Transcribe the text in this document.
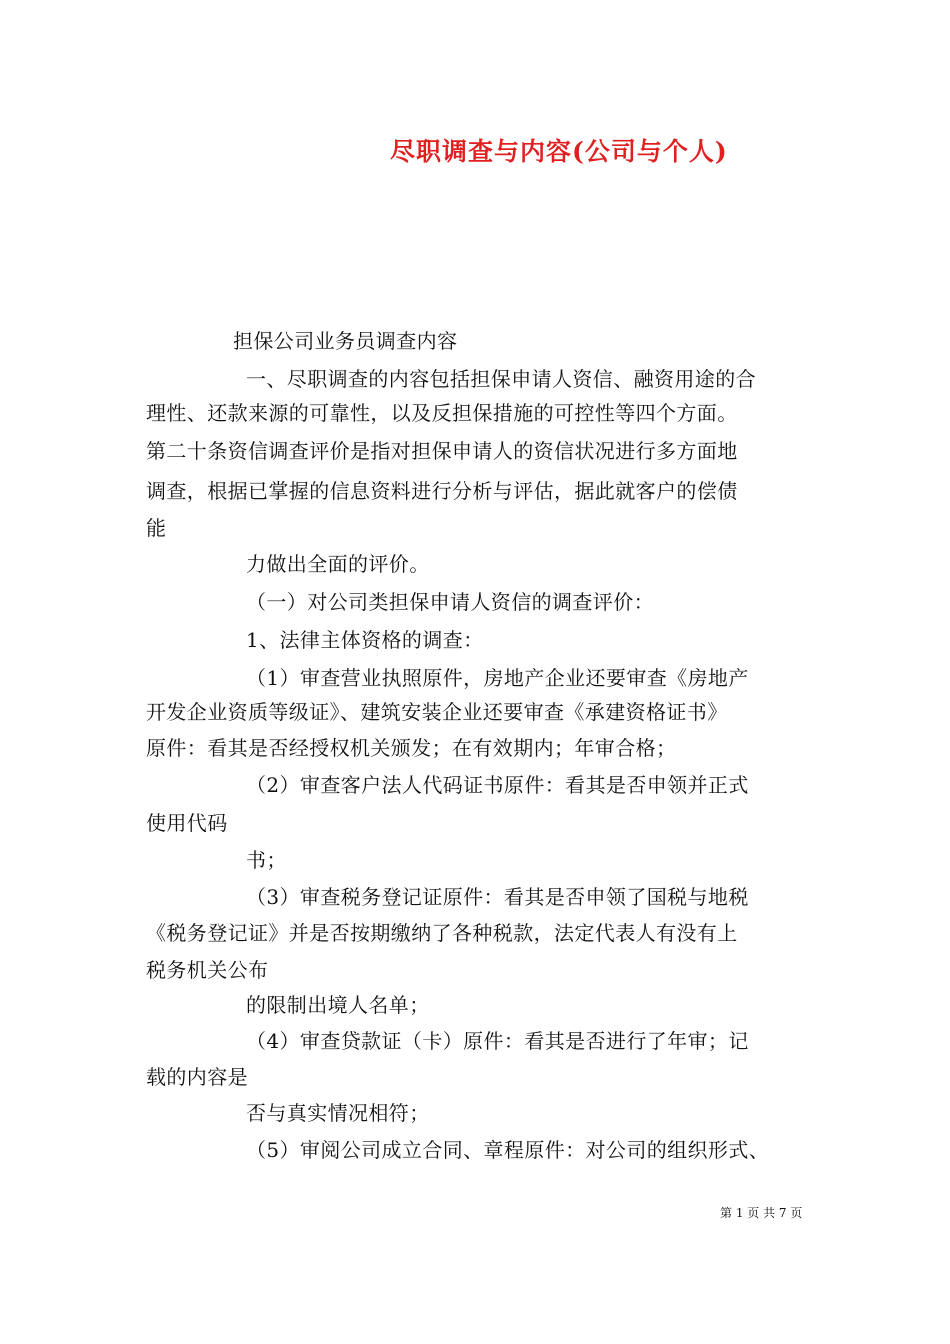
尽职调查与内容(公司与个人)
担保公司业务员调查内容
一、尽职调查的内容包括担保申请人资信、融资用途的合
理性、还款来源的可靠性，以及反担保措施的可控性等四个方面。
第二十条资信调查评价是指对担保申请人的资信状况进行多方面地
调查，根据已掌握的信息资料进行分析与评估，据此就客户的偿债
能
力做出全面的评价。
（一）对公司类担保申请人资信的调查评价：
1、法律主体资格的调查：
（1）审查营业执照原件，房地产企业还要审查《房地产
开发企业资质等级证》、建筑安装企业还要审查《承建资格证书》
原件：看其是否经授权机关颁发；在有效期内；年审合格；
（2）审查客户法人代码证书原件：看其是否申领并正式
使用代码
书；
（3）审查税务登记证原件：看其是否申领了国税与地税
《税务登记证》并是否按期缴纳了各种税款，法定代表人有没有上
税务机关公布
的限制出境人名单；
（4）审查贷款证（卡）原件：看其是否进行了年审；记
载的内容是
否与真实情况相符；
（5）审阅公司成立合同、章程原件：对公司的组织形式、
第 1 页 共 7 页
